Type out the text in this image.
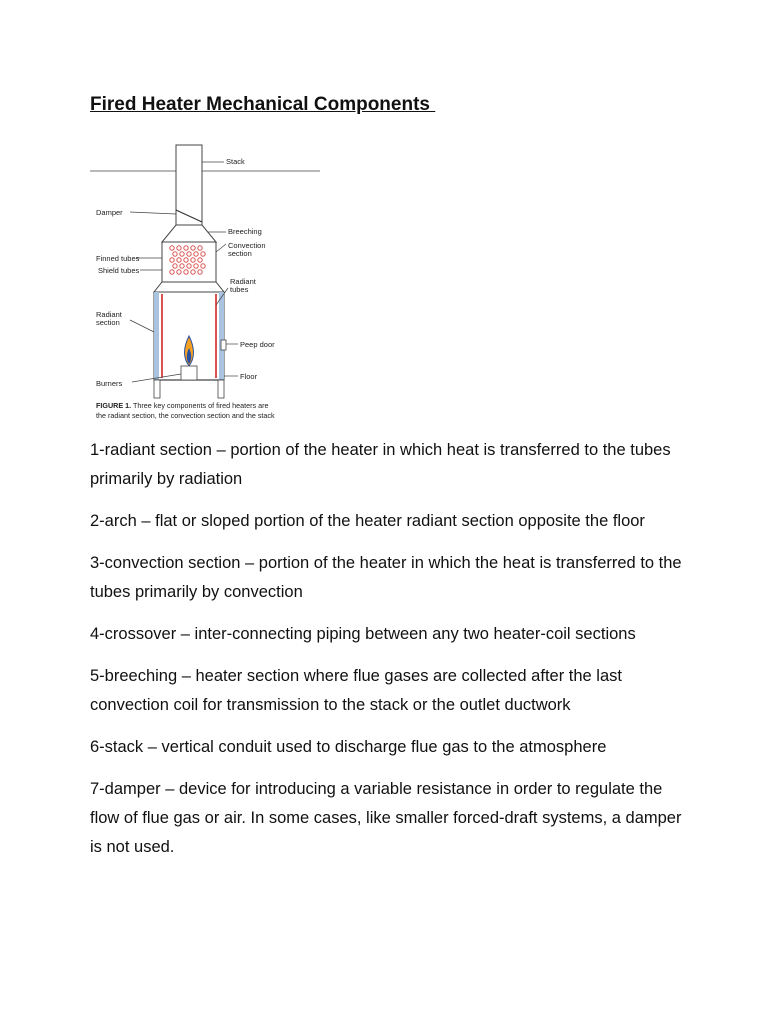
Fired Heater Mechanical Components
Stack
Damper
Breeching
Convection
section
Finned tubes
Shield tubes
Radiant
tubes
Radiant
section
Peep door
Floor
Burners
FIGURE 1. Three key components of fired heaters are
the radiant section, the convection section and the stack

1-radiant section – portion of the heater in which heat is transferred to the tubes primarily by radiation

2-arch – flat or sloped portion of the heater radiant section opposite the floor

3-convection section – portion of the heater in which the heat is transferred to the tubes primarily by convection

4-crossover – inter-connecting piping between any two heater-coil sections

5-breeching – heater section where flue gases are collected after the last convection coil for transmission to the stack or the outlet ductwork

6-stack – vertical conduit used to discharge flue gas to the atmosphere

7-damper – device for introducing a variable resistance in order to regulate the flow of flue gas or air. In some cases, like smaller forced-draft systems, a damper is not used.
